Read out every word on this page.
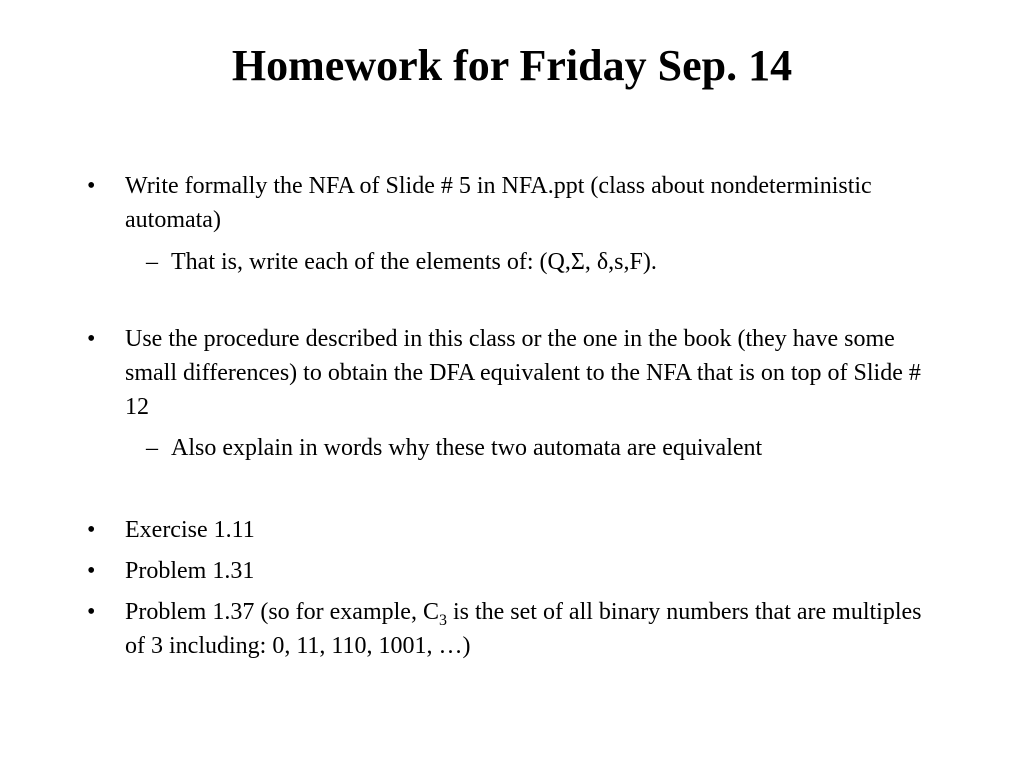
Homework for Friday Sep. 14
•	Write formally the NFA of Slide # 5 in NFA.ppt (class about nondeterministic automata)
– That is, write each of the elements of: (Q,Σ, δ,s,F).
•	Use the procedure described in this class or the one in the book (they have some small differences) to obtain the DFA equivalent to the NFA that is on top of Slide # 12
– Also explain in words why these two automata are equivalent
•	Exercise 1.11
•	Problem 1.31
•	Problem 1.37 (so for example, $C_3$ is the set of all binary numbers that are multiples of 3 including: 0, 11, 110, 1001, …)
